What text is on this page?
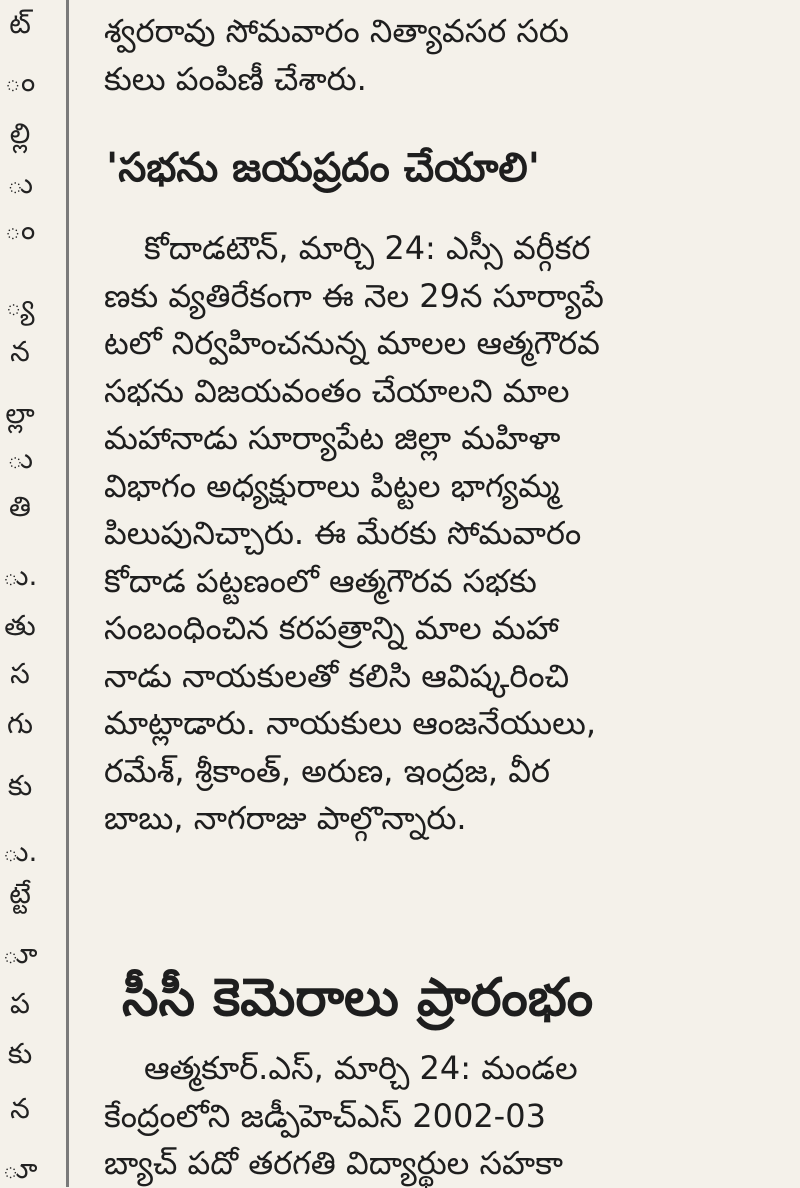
ట్
ం
ల్లి
ు
ం
్య
న
ల్లా
ు
తి
ు.
తు
స
గు
కు
ు.
ట్టే
ూ
ప
కు
న
ూ
శ్వరరావు సోమవారం నిత్యావసర సరు
కులు పంపిణీ చేశారు.
'సభను జయప్రదం చేయాలి'
కోదాడటౌన్, మార్చి 24: ఎస్సీ వర్గీకర
ణకు వ్యతిరేకంగా ఈ నెల 29న సూర్యాపే
టలో నిర్వహించనున్న మాలల ఆత్మగౌరవ
సభను విజయవంతం చేయాలని మాల
మహానాడు సూర్యాపేట జిల్లా మహిళా
విభాగం అధ్యక్షురాలు పిట్టల భాగ్యమ్మ
పిలుపునిచ్చారు. ఈ మేరకు సోమవారం
కోదాడ పట్టణంలో ఆత్మగౌరవ సభకు
సంబంధించిన కరపత్రాన్ని మాల మహా
నాడు నాయకులతో కలిసి ఆవిష్కరించి
మాట్లాడారు. నాయకులు ఆంజనేయులు,
రమేశ్, శ్రీకాంత్, అరుణ, ఇంద్రజ, వీర
బాబు, నాగరాజు పాల్గొన్నారు.
సీసీ కెమెరాలు ప్రారంభం
ఆత్మకూర్.ఎస్, మార్చి 24: మండల
కేంద్రంలోని జడ్పీహెచ్ఎస్ 2002-03
బ్యాచ్ పదో తరగతి విద్యార్థుల సహకా
